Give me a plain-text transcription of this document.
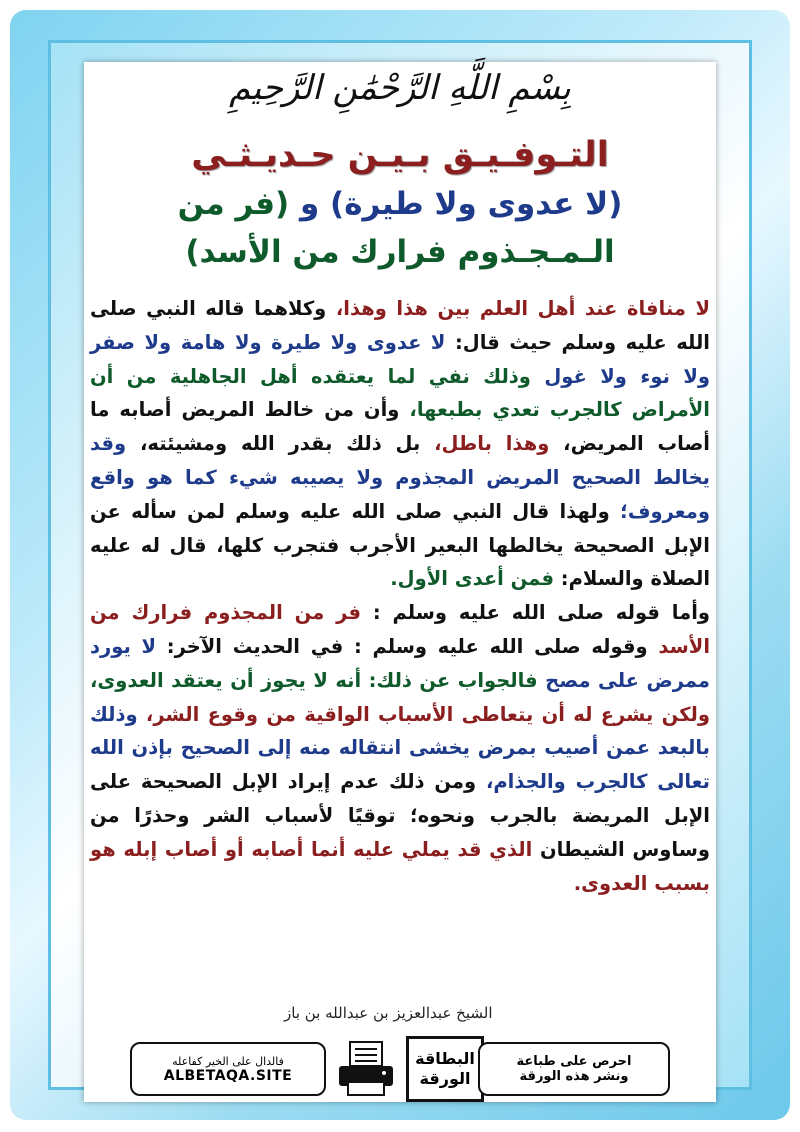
بِسْمِ اللَّهِ الرَّحْمَٰنِ الرَّحِيمِ
التـوفـيـق بـيـن حـديـثـي
(لا عدوى ولا طيرة) و (فر من
الـمـجـذوم فرارك من الأسد)

لا منافاة عند أهل العلم بين هذا وهذا، وكلاهما قاله النبي صلى الله عليه وسلم حيث قال: لا عدوى ولا طيرة ولا هامة ولا صفر ولا نوء ولا غول وذلك نفي لما يعتقده أهل الجاهلية من أن الأمراض كالجرب تعدي بطبعها، وأن من خالط المريض أصابه ما أصاب المريض، وهذا باطل، بل ذلك بقدر الله ومشيئته، وقد يخالط الصحيح المريض المجذوم ولا يصيبه شيء كما هو واقع ومعروف؛ ولهذا قال النبي صلى الله عليه وسلم لمن سأله عن الإبل الصحيحة يخالطها البعير الأجرب فتجرب كلها، قال له عليه الصلاة والسلام: فمن أعدى الأول.

وأما قوله صلى الله عليه وسلم : فر من المجذوم فرارك من الأسد وقوله صلى الله عليه وسلم : في الحديث الآخر: لا يورد ممرض على مصح فالجواب عن ذلك: أنه لا يجوز أن يعتقد العدوى، ولكن يشرع له أن يتعاطى الأسباب الواقية من وقوع الشر، وذلك بالبعد عمن أصيب بمرض يخشى انتقاله منه إلى الصحيح بإذن الله تعالى كالجرب والجذام، ومن ذلك عدم إيراد الإبل الصحيحة على الإبل المريضة بالجرب ونحوه؛ توقيًا لأسباب الشر وحذرًا من وساوس الشيطان الذي قد يملي عليه أنما أصابه أو أصاب إبله هو بسبب العدوى.

الشيخ عبدالعزيز بن عبدالله بن باز
فالدال على الخير كفاعله
ALBETAQA.SITE
البطاقة
الورقة
احرص على طباعة
ونشر هذه الورقة
